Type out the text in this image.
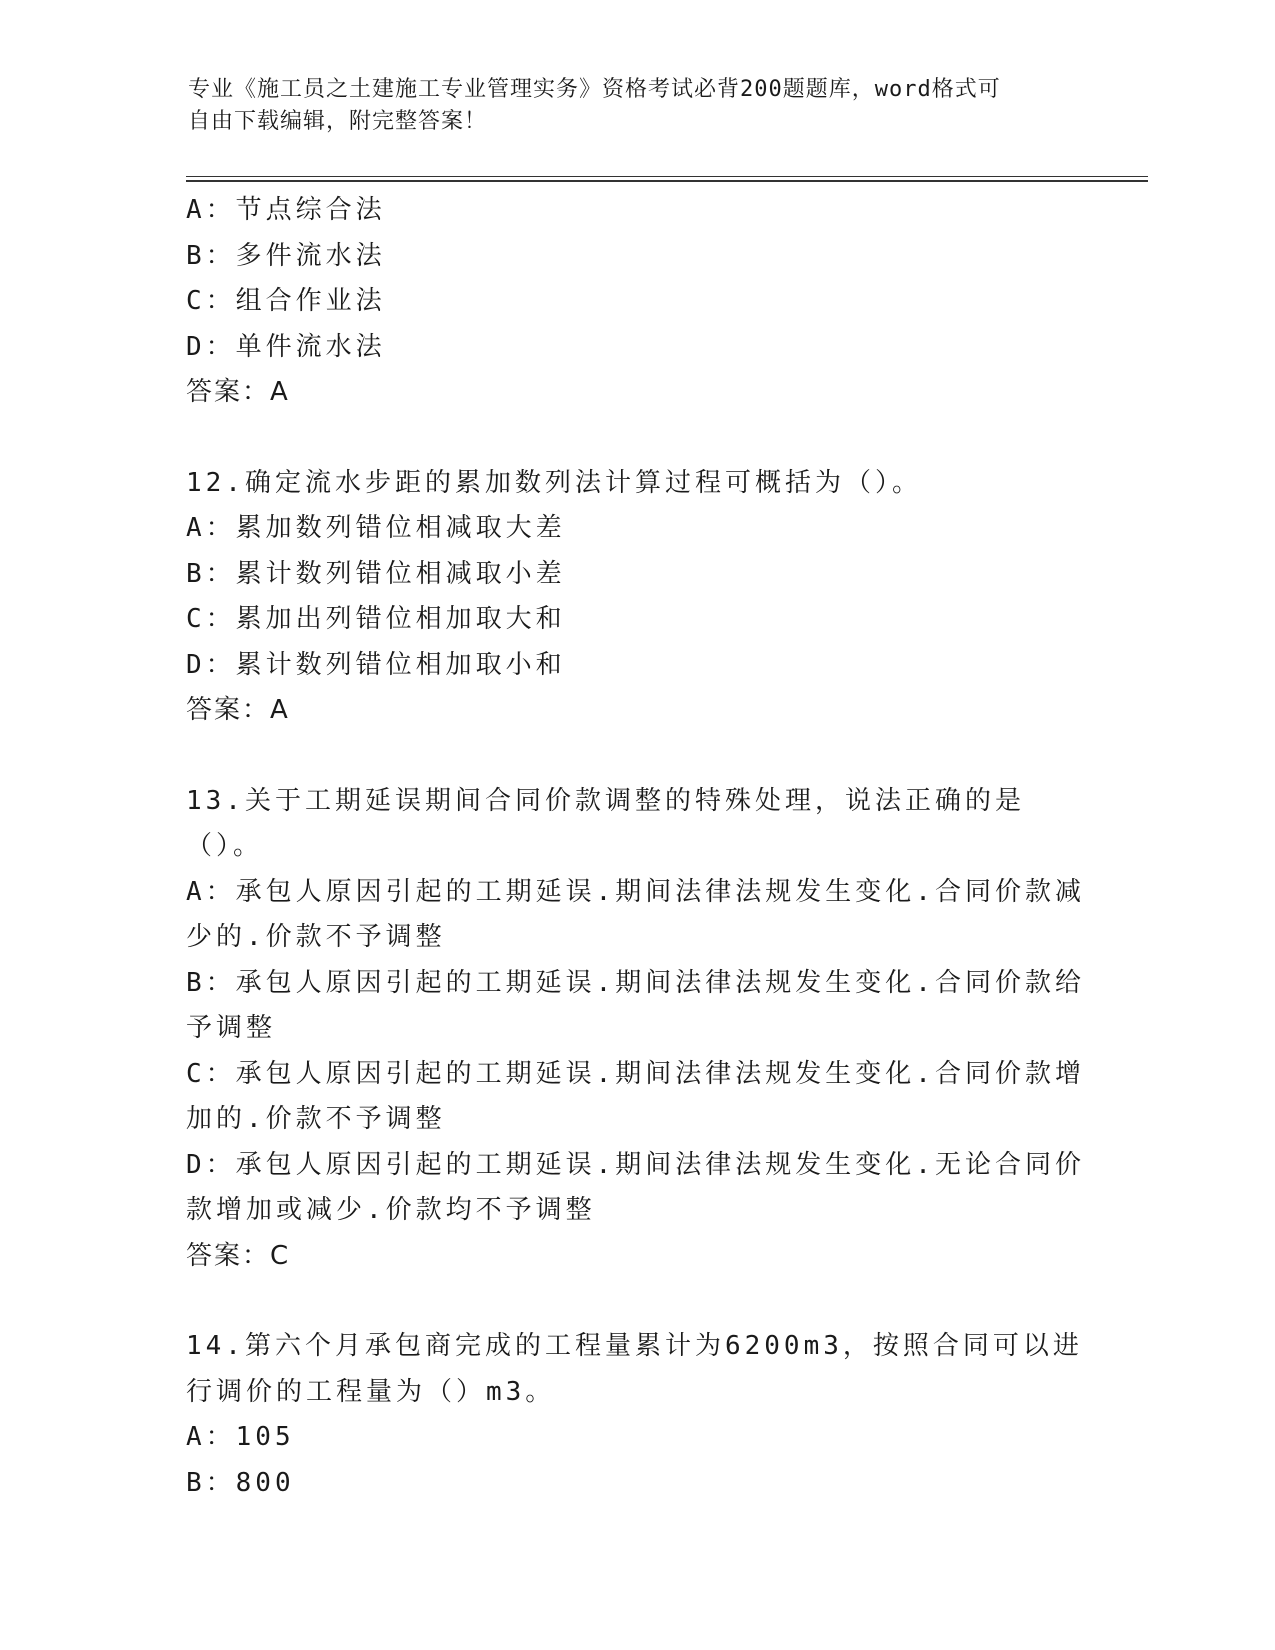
专业《施工员之土建施工专业管理实务》资格考试必背200题题库，word格式可
自由下载编辑，附完整答案！
A：节点综合法
B：多件流水法
C：组合作业法
D：单件流水法
答案：A
12.确定流水步距的累加数列法计算过程可概括为（）。
A：累加数列错位相减取大差
B：累计数列错位相减取小差
C：累加出列错位相加取大和
D：累计数列错位相加取小和
答案：A
13.关于工期延误期间合同价款调整的特殊处理，说法正确的是（）。
A：承包人原因引起的工期延误.期间法律法规发生变化.合同价款减少的.价款不予调整
B：承包人原因引起的工期延误.期间法律法规发生变化.合同价款给予调整
C：承包人原因引起的工期延误.期间法律法规发生变化.合同价款增加的.价款不予调整
D：承包人原因引起的工期延误.期间法律法规发生变化.无论合同价款增加或减少.价款均不予调整
答案：C
14.第六个月承包商完成的工程量累计为6200m3，按照合同可以进行调价的工程量为（）m3。
A：105
B：800
